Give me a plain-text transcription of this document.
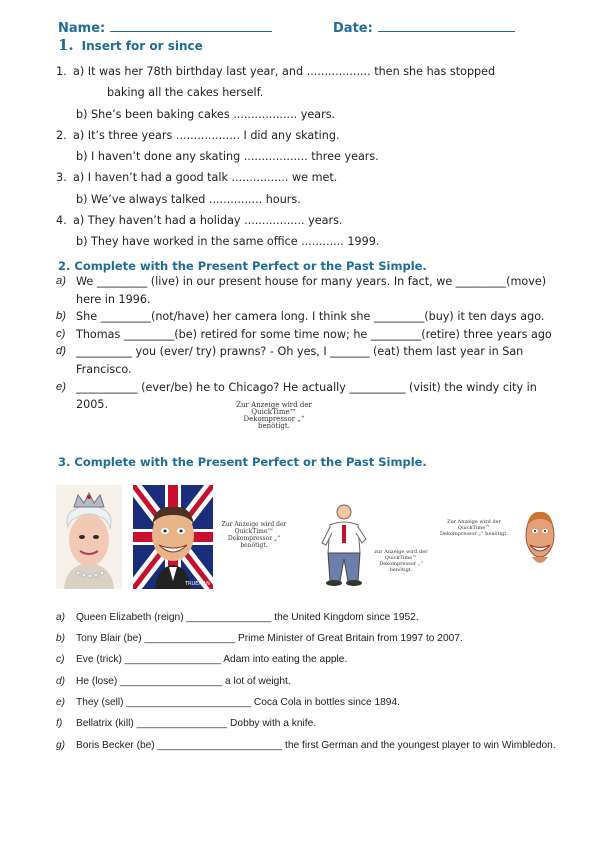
Name:	Date:
1. Insert for or since
1. a) It was her 78th birthday last year, and .................. then she has stopped
baking all the cakes herself.
b) She’s been baking cakes .................. years.
2. a) It’s three years .................. I did any skating.
b) I haven’t done any skating .................. three years.
3. a) I haven’t had a good talk ................ we met.
b) We’ve always talked ............... hours.
4. a) They haven’t had a holiday ................. years.
b) They have worked in the same office ............ 1999.
2. Complete with the Present Perfect or the Past Simple.
a) We _________ (live) in our present house for many years. In fact, we _________(move) here in 1996.
b) She _________(not/have) her camera long. I think she _________(buy) it ten days ago.
c) Thomas _________(be) retired for some time now; he _________(retire) three years ago
d) __________ you (ever/ try) prawns? - Oh yes, I _______ (eat) them last year in San Francisco.
e) ___________ (ever/be) he to Chicago? He actually __________ (visit) the windy city in 2005.	Zur Anzeige wird der QuickTime™ Dekompressor „“ benötigt.
3. Complete with the Present Perfect or the Past Simple.
TRUEMAN
Zur Anzeige wird der QuickTime™ Dekompressor „“ benötigt.
zur Anzeige wird der QuickTime™ Dekompressor „“ benötigt.
Zur Anzeige wird der QuickTime™ Dekompressor „“ benötigt.
a) Queen Elizabeth (reign) _______________ the United Kingdom since 1952.
b) Tony Blair (be) ________________ Prime Minister of Great Britain from 1997 to 2007.
c) Eve (trick) _________________ Adam into eating the apple.
d) He (lose) __________________ a lot of weight.
e) They (sell) ______________________ Coca Cola in bottles since 1894.
f) Bellatrix (kill) ________________ Dobby with a knife.
g) Boris Becker (be) ______________________ the first German and the youngest player to win Wimbledon.
